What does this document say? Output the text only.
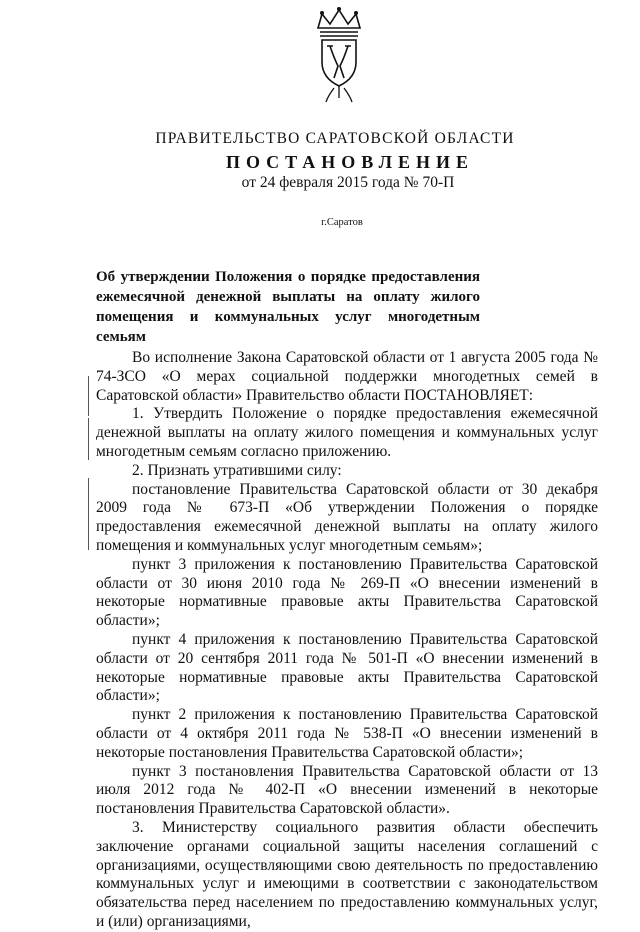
ПРАВИТЕЛЬСТВО САРАТОВСКОЙ ОБЛАСТИ
ПОСТАНОВЛЕНИЕ
от 24 февраля 2015 года № 70-П
г.Саратов
Об утверждении Положения о порядке предоставления ежемесячной денежной выплаты на оплату жилого помещения и коммунальных услуг многодетным семьям

Во исполнение Закона Саратовской области от 1 августа 2005 года № 74-ЗСО «О мерах социальной поддержки многодетных семей в Саратовской области» Правительство области ПОСТАНОВЛЯЕТ:

1. Утвердить Положение о порядке предоставления ежемесячной денежной выплаты на оплату жилого помещения и коммунальных услуг многодетным семьям согласно приложению.

2. Признать утратившими силу:

постановление Правительства Саратовской области от 30 декабря 2009 года № 673-П «Об утверждении Положения о порядке предоставления ежемесячной денежной выплаты на оплату жилого помещения и коммунальных услуг многодетным семьям»;

пункт 3 приложения к постановлению Правительства Саратовской области от 30 июня 2010 года № 269-П «О внесении изменений в некоторые нормативные правовые акты Правительства Саратовской области»;

пункт 4 приложения к постановлению Правительства Саратовской области от 20 сентября 2011 года № 501-П «О внесении изменений в некоторые нормативные правовые акты Правительства Саратовской области»;

пункт 2 приложения к постановлению Правительства Саратовской области от 4 октября 2011 года № 538-П «О внесении изменений в некоторые постановления Правительства Саратовской области»;

пункт 3 постановления Правительства Саратовской области от 13 июля 2012 года № 402-П «О внесении изменений в некоторые постановления Правительства Саратовской области».

3. Министерству социального развития области обеспечить заключение органами социальной защиты населения соглашений с организациями, осуществляющими свою деятельность по предоставлению коммунальных услуг и имеющими в соответствии с законодательством обязательства перед населением по предоставлению коммунальных услуг, и (или) организациями,
